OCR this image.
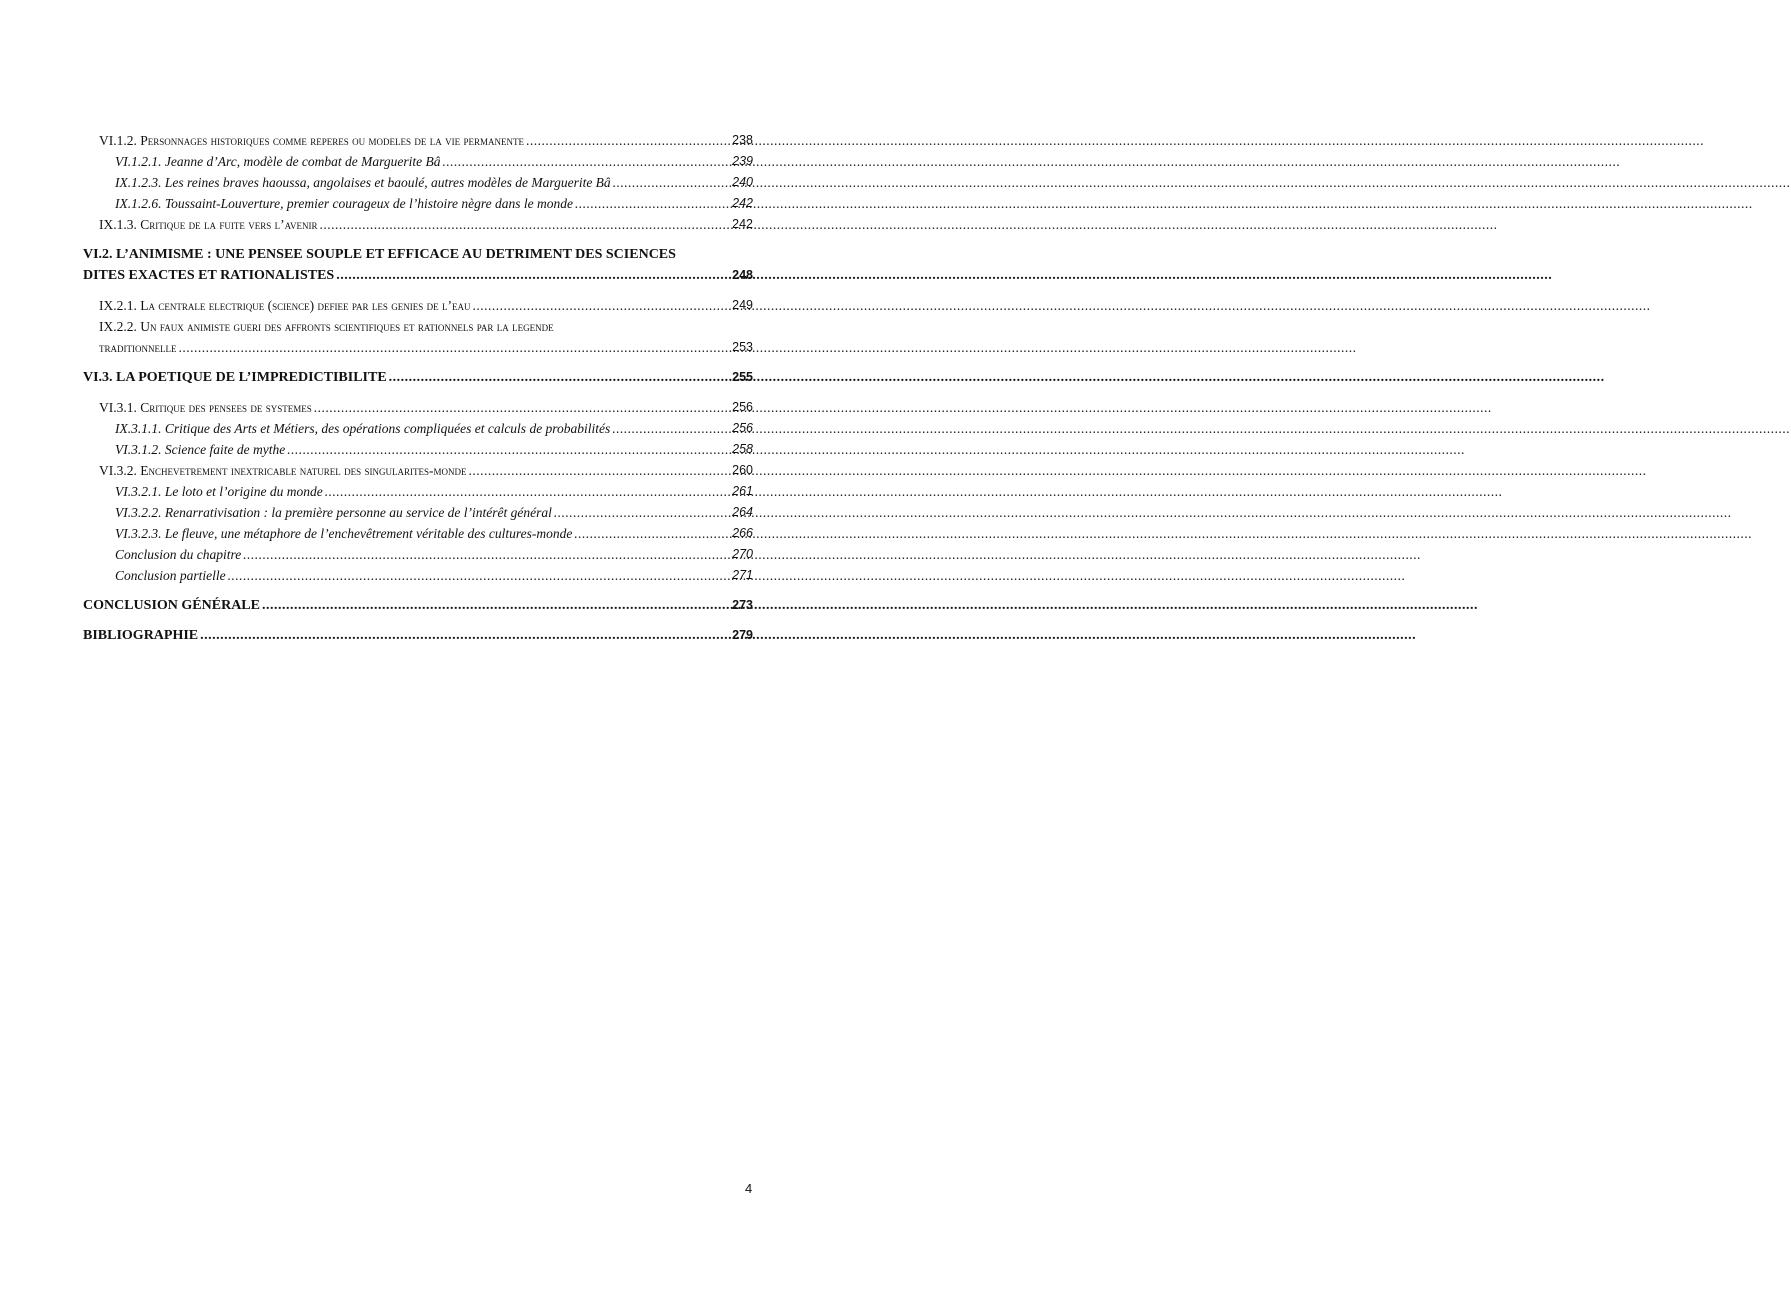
VI.1.2. Personnages historiques comme reperes ou modeles de la vie permanente .....	238
VI.1.2.1. Jeanne d’Arc, modèle de combat de Marguerite Bâ .....	239
IX.1.2.3. Les reines braves haoussa, angolaises et baoulé, autres modèles de Marguerite Bâ .....	240
IX.1.2.6. Toussaint-Louverture, premier courageux de l’histoire nègre dans le monde .....	242
IX.1.3. Critique de la fuite vers l’avenir .....	242
VI.2. L’ANIMISME : UNE PENSEE SOUPLE ET EFFICACE AU DETRIMENT DES SCIENCES
DITES EXACTES ET RATIONALISTES .....	248
IX.2.1. La centrale electrique (science) defiee par les genies de l’eau .....	249
IX.2.2. Un faux animiste gueri des affronts scientifiques et rationnels par la legende
traditionnelle .....	253
VI.3. LA POETIQUE DE L’IMPREDICTIBILITE .....	255
VI.3.1. Critique des pensees de systemes .....	256
IX.3.1.1. Critique des Arts et Métiers, des opérations compliquées et calculs de probabilités .....	256
VI.3.1.2. Science faite de mythe .....	258
VI.3.2. Enchevetrement inextricable naturel des singularites-monde .....	260
VI.3.2.1. Le loto et l’origine du monde .....	261
VI.3.2.2. Renarrativisation : la première personne au service de l’intérêt général .....	264
VI.3.2.3. Le fleuve, une métaphore de l’enchevêtrement véritable des cultures-monde .....	266
Conclusion du chapitre .....	270
Conclusion partielle .....	271
CONCLUSION GÉNÉRALE .....	273
BIBLIOGRAPHIE .....	279
4
